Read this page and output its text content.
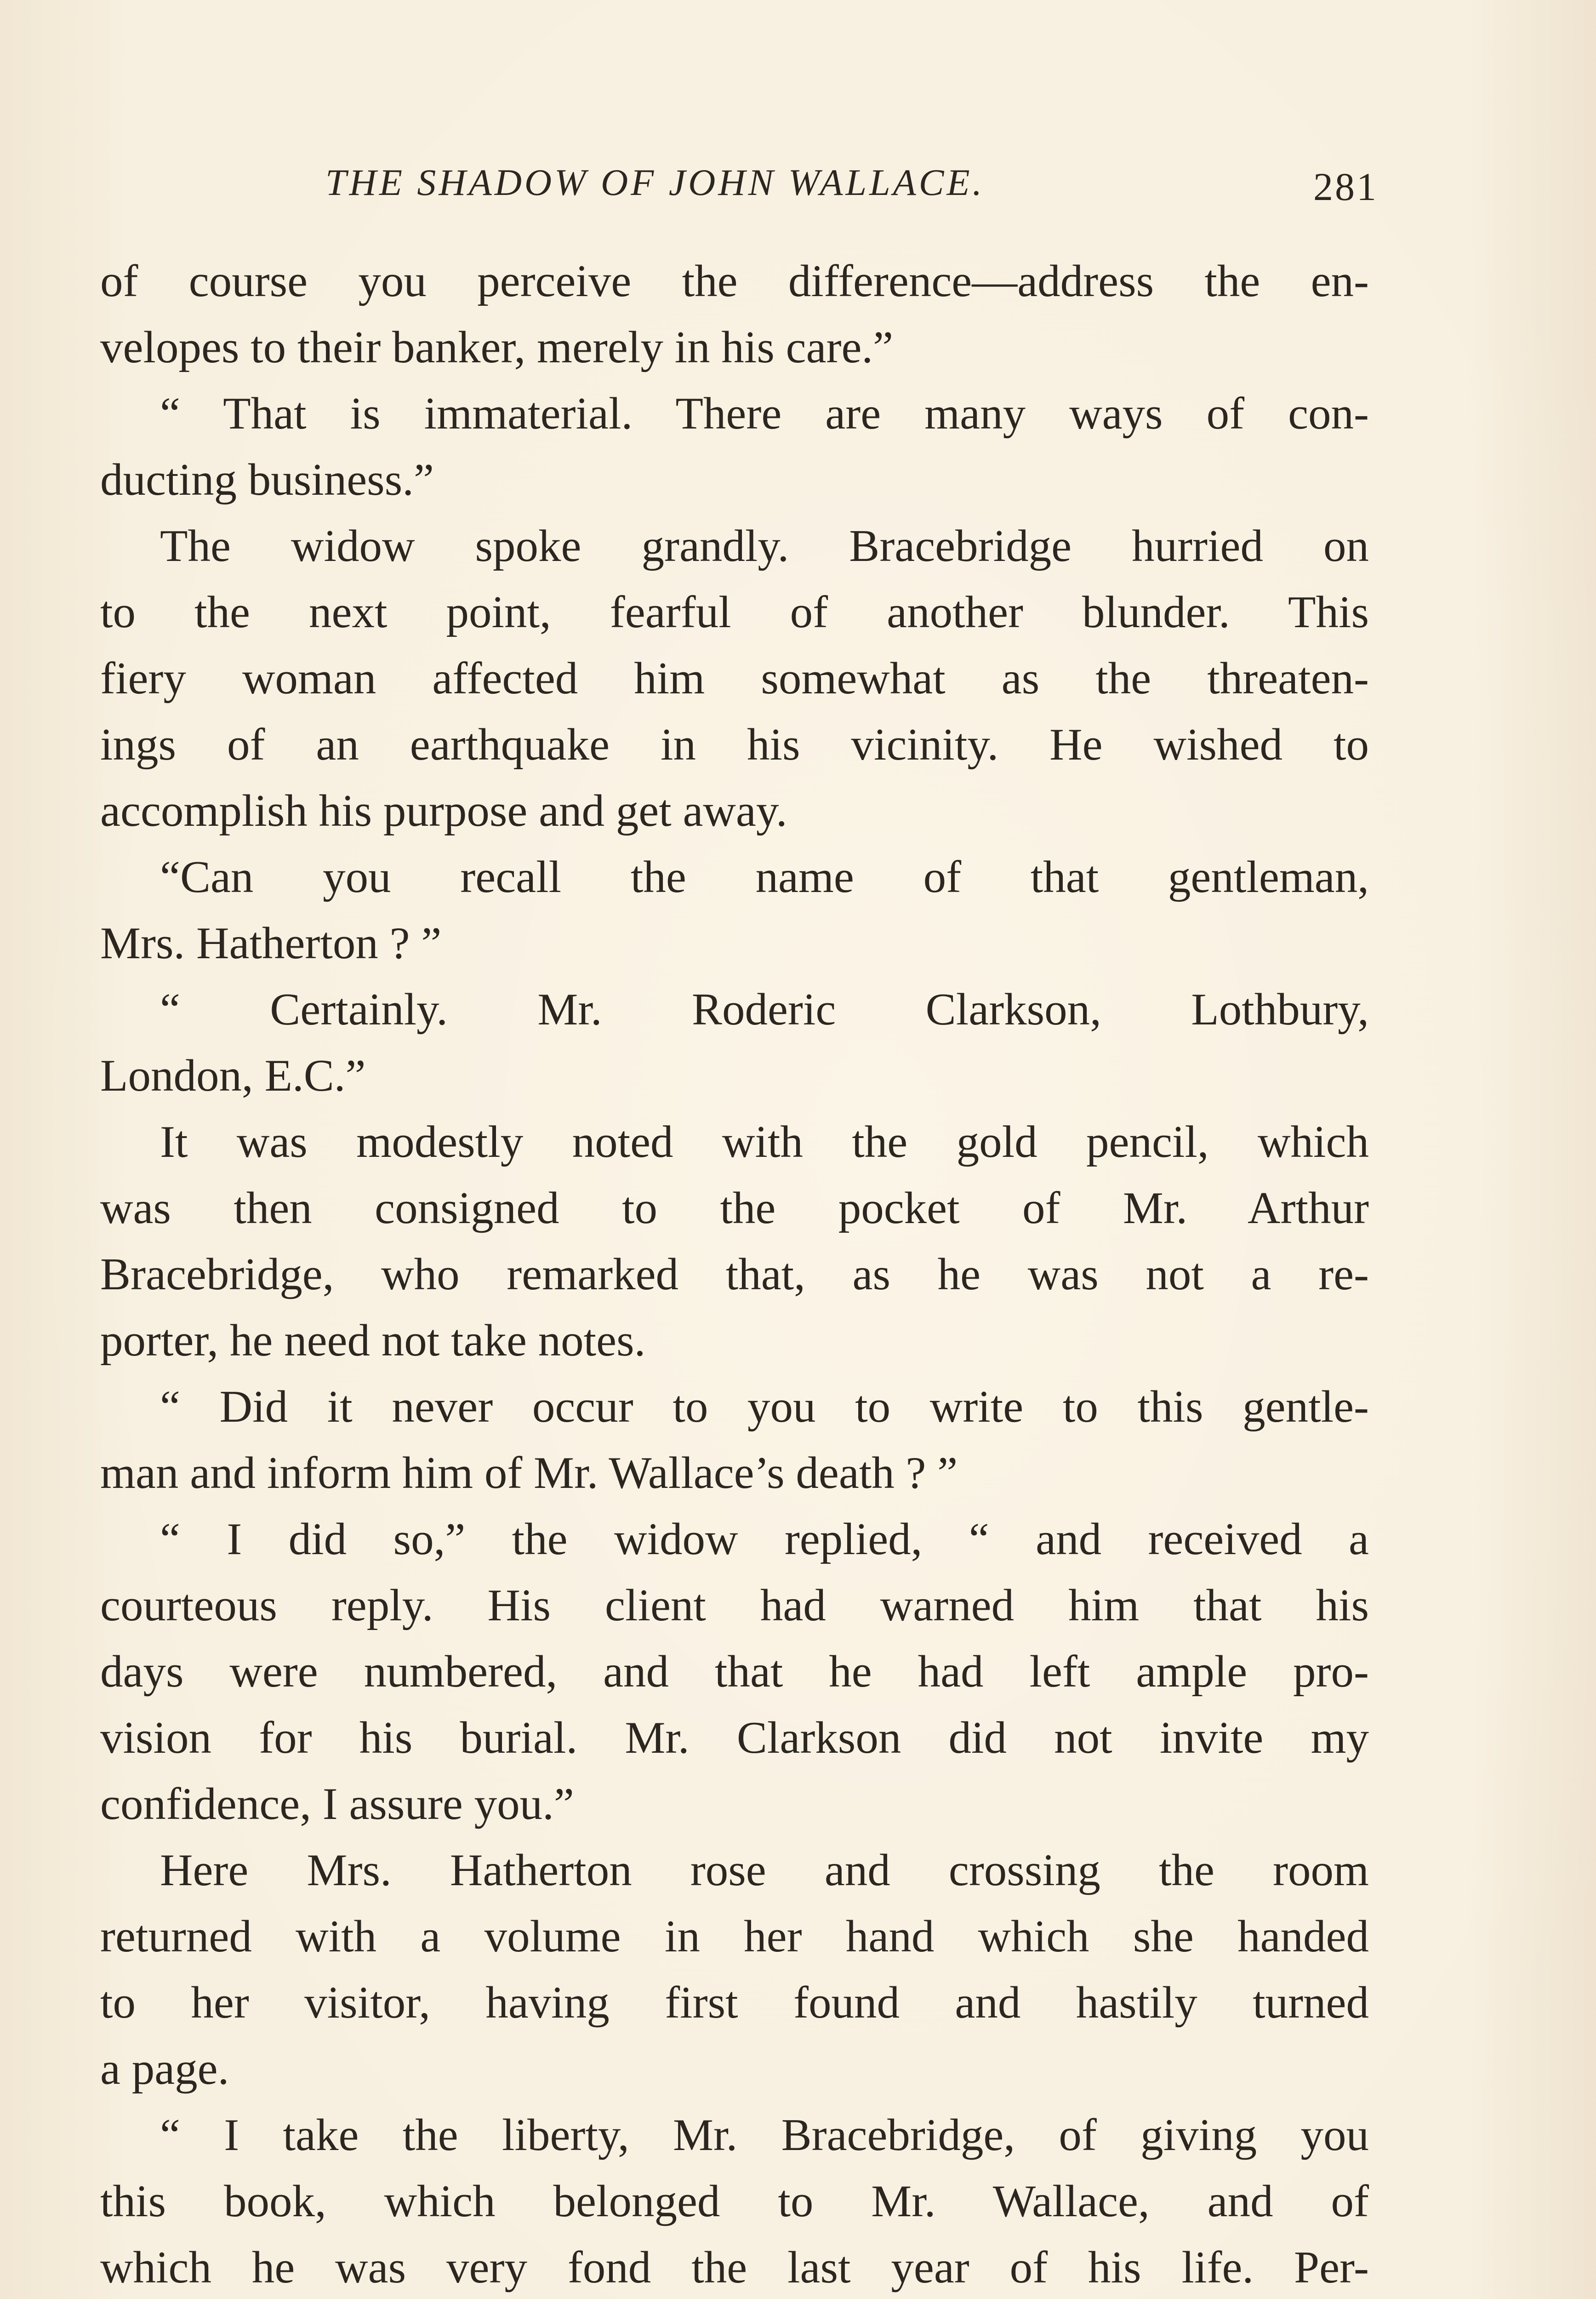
THE SHADOW OF JOHN WALLACE.	281
of course you perceive the difference—address the en-
velopes to their banker, merely in his care.”
“ That is immaterial. There are many ways of con-
ducting business.”
The widow spoke grandly. Bracebridge hurried on
to the next point, fearful of another blunder. This
fiery woman affected him somewhat as the threaten-
ings of an earthquake in his vicinity. He wished to
accomplish his purpose and get away.
“Can you recall the name of that gentleman,
Mrs. Hatherton ? ”
“ Certainly. Mr. Roderic Clarkson, Lothbury,
London, E.C.”
It was modestly noted with the gold pencil, which
was then consigned to the pocket of Mr. Arthur
Bracebridge, who remarked that, as he was not a re-
porter, he need not take notes.
“ Did it never occur to you to write to this gentle-
man and inform him of Mr. Wallace’s death ? ”
“ I did so,” the widow replied, “ and received a
courteous reply. His client had warned him that his
days were numbered, and that he had left ample pro-
vision for his burial. Mr. Clarkson did not invite my
confidence, I assure you.”
Here Mrs. Hatherton rose and crossing the room
returned with a volume in her hand which she handed
to her visitor, having first found and hastily turned
a page.
“ I take the liberty, Mr. Bracebridge, of giving you
this book, which belonged to Mr. Wallace, and of
which he was very fond the last year of his life. Per-
